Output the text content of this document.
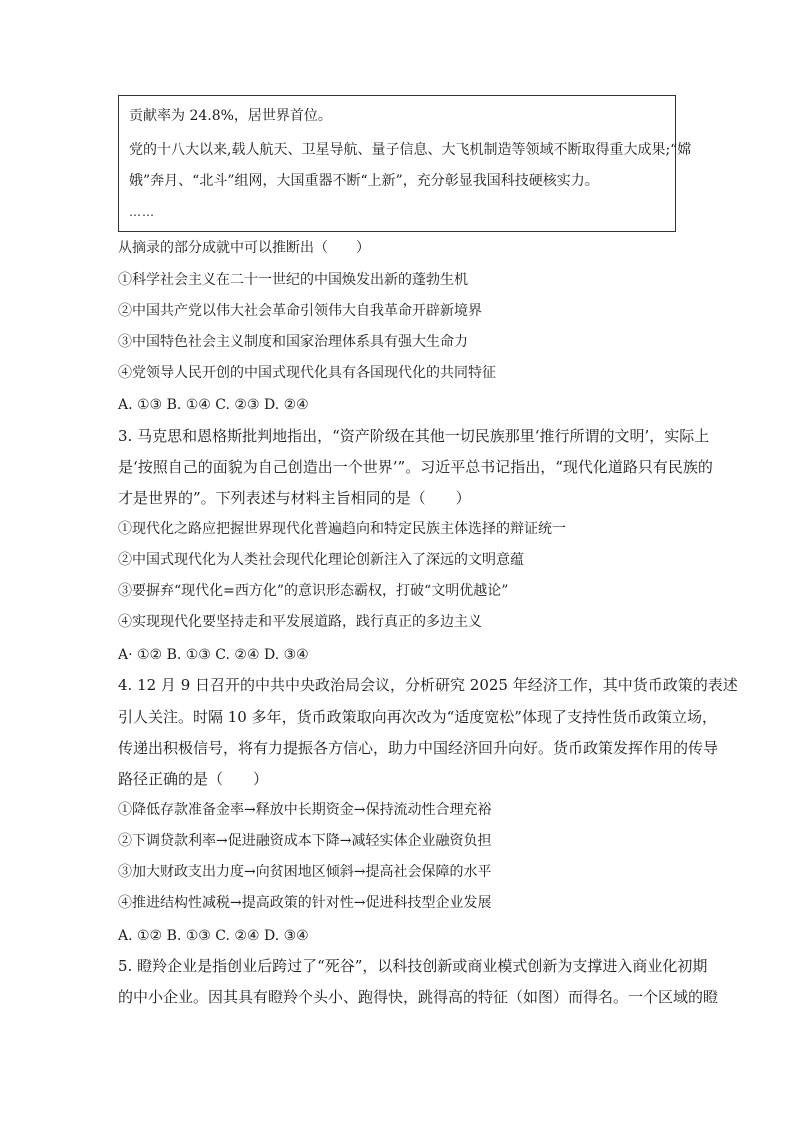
贡献率为 24.8%，居世界首位。
党的十八大以来,载人航天、卫星导航、量子信息、大飞机制造等领域不断取得重大成果;“嫦
娥”奔月、“北斗”组网，大国重器不断“上新”，充分彰显我国科技硬核实力。
……
从摘录的部分成就中可以推断出（　　）
①科学社会主义在二十一世纪的中国焕发出新的蓬勃生机
②中国共产党以伟大社会革命引领伟大自我革命开辟新境界
③中国特色社会主义制度和国家治理体系具有强大生命力
④党领导人民开创的中国式现代化具有各国现代化的共同特征
A. ①③ B. ①④ C. ②③ D. ②④
3. 马克思和恩格斯批判地指出，“资产阶级在其他一切民族那里‘推行所谓的文明’，实际上
是‘按照自己的面貌为自己创造出一个世界’”。习近平总书记指出，“现代化道路只有民族的
才是世界的”。下列表述与材料主旨相同的是（　　）
①现代化之路应把握世界现代化普遍趋向和特定民族主体选择的辩证统一
②中国式现代化为人类社会现代化理论创新注入了深远的文明意蕴
③要摒弃“现代化=西方化”的意识形态霸权，打破“文明优越论”
④实现现代化要坚持走和平发展道路，践行真正的多边主义
A· ①② B. ①③ C. ②④ D. ③④
4. 12 月 9 日召开的中共中央政治局会议，分析研究 2025 年经济工作，其中货币政策的表述
引人关注。时隔 10 多年，货币政策取向再次改为“适度宽松”体现了支持性货币政策立场，
传递出积极信号，将有力提振各方信心，助力中国经济回升向好。货币政策发挥作用的传导
路径正确的是（　　）
①降低存款准备金率→释放中长期资金→保持流动性合理充裕
②下调贷款利率→促进融资成本下降→减轻实体企业融资负担
③加大财政支出力度→向贫困地区倾斜→提高社会保障的水平
④推进结构性减税→提高政策的针对性→促进科技型企业发展
A. ①② B. ①③ C. ②④ D. ③④
5. 瞪羚企业是指创业后跨过了“死谷”，以科技创新或商业模式创新为支撑进入商业化初期
的中小企业。因其具有瞪羚个头小、跑得快，跳得高的特征（如图）而得名。一个区域的瞪
